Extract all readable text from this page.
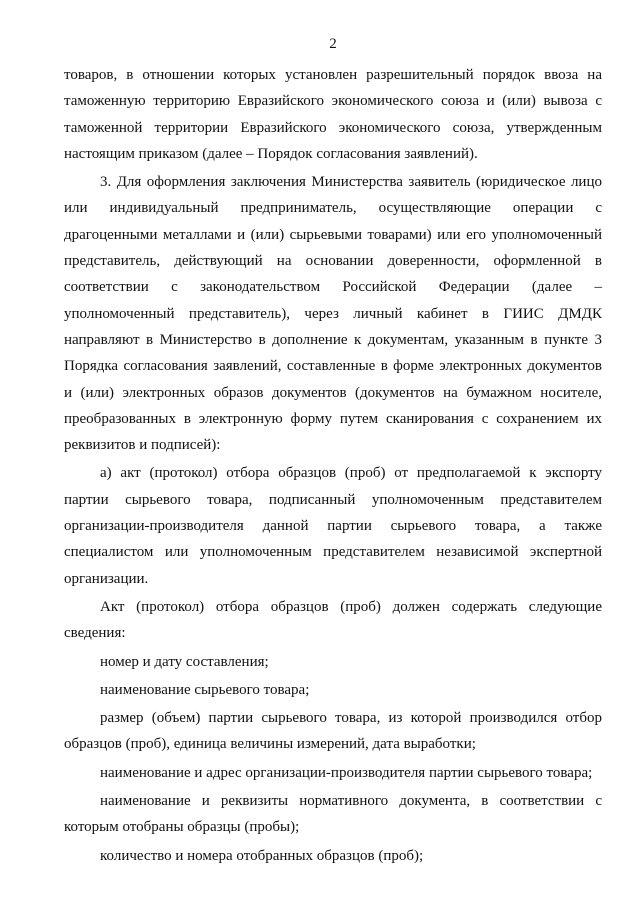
2

товаров, в отношении которых установлен разрешительный порядок ввоза на таможенную территорию Евразийского экономического союза и (или) вывоза с таможенной территории Евразийского экономического союза, утвержденным настоящим приказом (далее – Порядок согласования заявлений).

3. Для оформления заключения Министерства заявитель (юридическое лицо или индивидуальный предприниматель, осуществляющие операции с драгоценными металлами и (или) сырьевыми товарами) или его уполномоченный представитель, действующий на основании доверенности, оформленной в соответствии с законодательством Российской Федерации (далее – уполномоченный представитель), через личный кабинет в ГИИС ДМДК направляют в Министерство в дополнение к документам, указанным в пункте 3 Порядка согласования заявлений, составленные в форме электронных документов и (или) электронных образов документов (документов на бумажном носителе, преобразованных в электронную форму путем сканирования с сохранением их реквизитов и подписей):

а) акт (протокол) отбора образцов (проб) от предполагаемой к экспорту партии сырьевого товара, подписанный уполномоченным представителем организации-производителя данной партии сырьевого товара, а также специалистом или уполномоченным представителем независимой экспертной организации.

Акт (протокол) отбора образцов (проб) должен содержать следующие сведения:

номер и дату составления;

наименование сырьевого товара;

размер (объем) партии сырьевого товара, из которой производился отбор образцов (проб), единица величины измерений, дата выработки;

наименование и адрес организации-производителя партии сырьевого товара;

наименование и реквизиты нормативного документа, в соответствии с которым отобраны образцы (пробы);

количество и номера отобранных образцов (проб);
